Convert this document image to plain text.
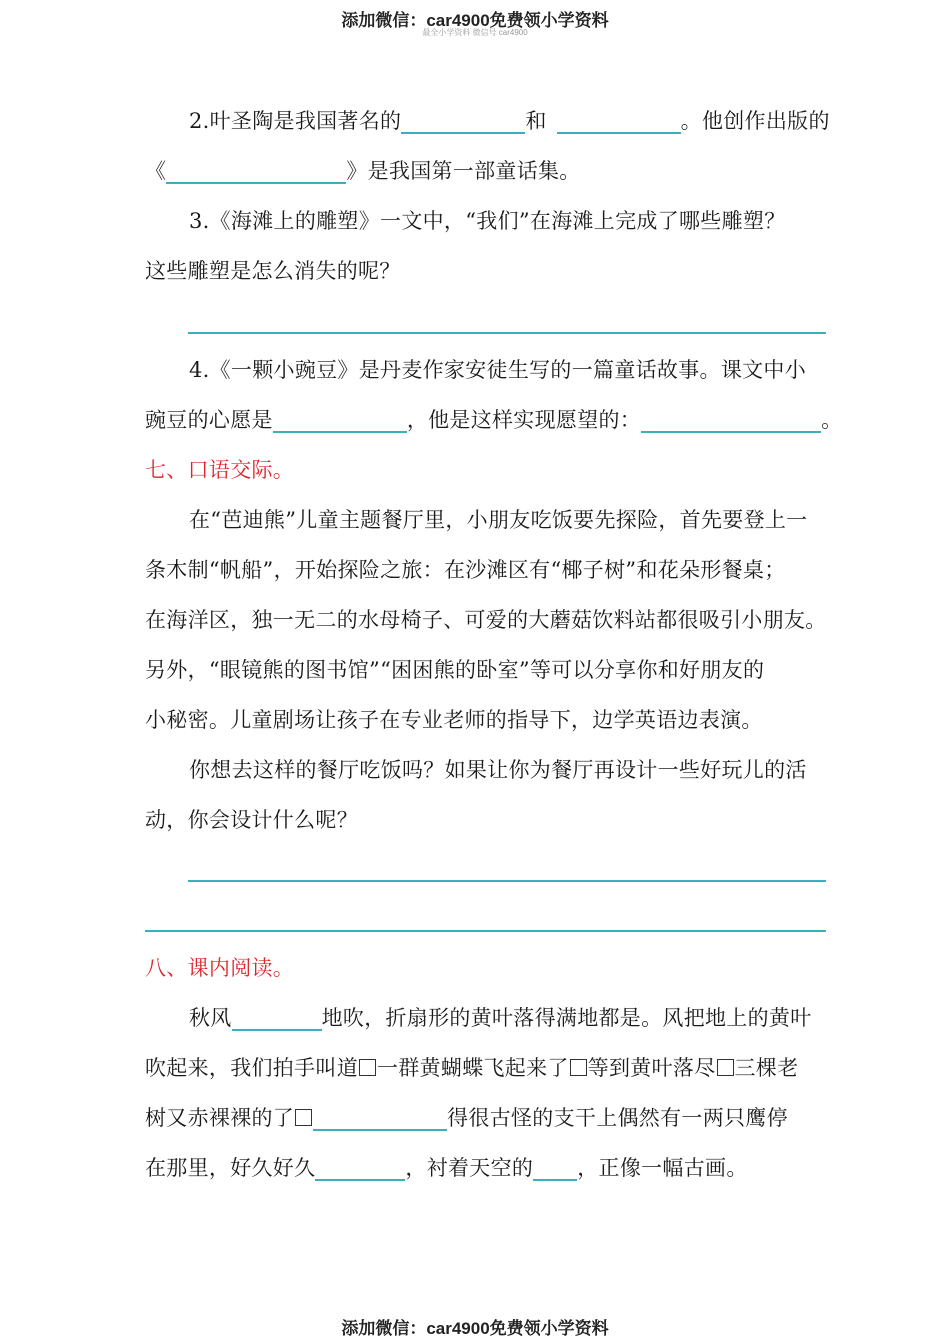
添加微信：car4900免费领小学资料
最全小学资料 微信号 car4900
2.叶圣陶是我国著名的	和	。他创作出版的
《	》是我国第一部童话集。
3.《海滩上的雕塑》一文中，“我们”在海滩上完成了哪些雕塑？
这些雕塑是怎么消失的呢？
4.《一颗小豌豆》是丹麦作家安徒生写的一篇童话故事。课文中小
豌豆的心愿是	，他是这样实现愿望的：	。
七、口语交际。
在“芭迪熊”儿童主题餐厅里，小朋友吃饭要先探险，首先要登上一
条木制“帆船”，开始探险之旅：在沙滩区有“椰子树”和花朵形餐桌；
在海洋区，独一无二的水母椅子、可爱的大蘑菇饮料站都很吸引小朋友。
另外，“眼镜熊的图书馆”“困困熊的卧室”等可以分享你和好朋友的
小秘密。儿童剧场让孩子在专业老师的指导下，边学英语边表演。
你想去这样的餐厅吃饭吗？如果让你为餐厅再设计一些好玩儿的活
动，你会设计什么呢？
八、课内阅读。
秋风	地吹，折扇形的黄叶落得满地都是。风把地上的黄叶
吹起来，我们拍手叫道 一群黄蝴蝶飞起来了 等到黄叶落尽 三棵老
树又赤裸裸的了	得很古怪的支干上偶然有一两只鹰停
在那里，好久好久	，衬着天空的 ，正像一幅古画。
添加微信：car4900免费领小学资料
